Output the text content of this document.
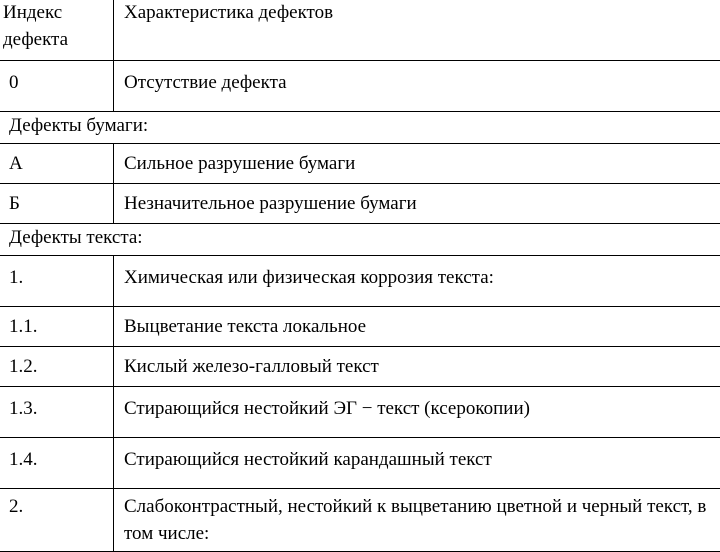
Индекс дефекта	Характеристика дефектов
0	Отсутствие дефекта
Дефекты бумаги:	
А	Сильное разрушение бумаги
Б	Незначительное разрушение бумаги
Дефекты текста:	
1.	Химическая или физическая коррозия текста:
1.1.	Выцветание текста локальное
1.2.	Кислый железо-галловый текст
1.3.	Стирающийся нестойкий ЭГ − текст (ксерокопии)
1.4.	Стирающийся нестойкий карандашный текст
2.	Слабоконтрастный, нестойкий к выцветанию цветной и черный текст, в том числе:
